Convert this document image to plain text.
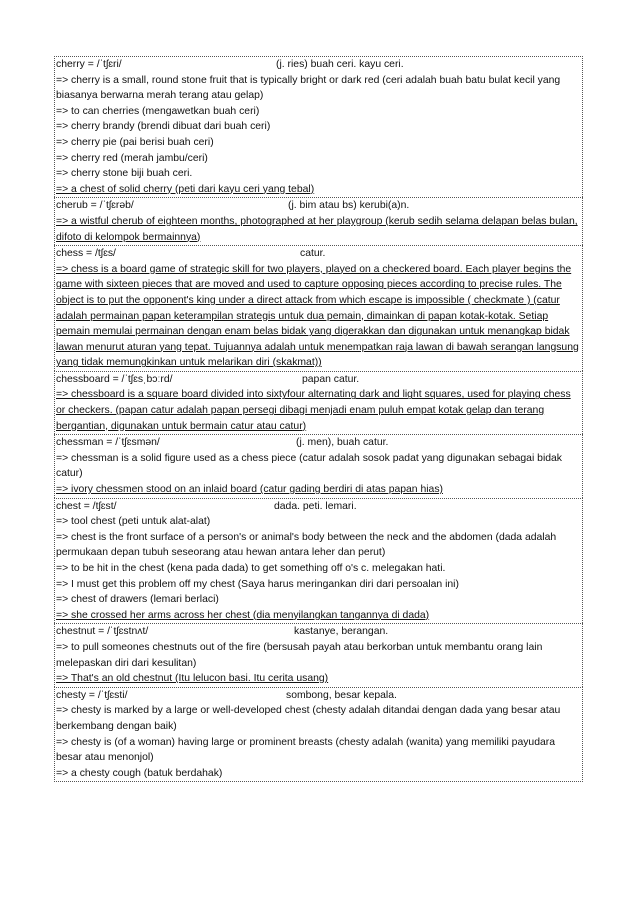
cherry = /ˈtʃɛri/	(j. ries) buah ceri. kayu ceri.
=> cherry is a small, round stone fruit that is typically bright or dark red (ceri adalah buah batu bulat kecil yang biasanya berwarna merah terang atau gelap)
=> to can cherries (mengawetkan buah ceri)
=> cherry brandy (brendi dibuat dari buah ceri)
=> cherry pie (pai berisi buah ceri)
=> cherry red (merah jambu/ceri)
=> cherry stone biji buah ceri.
=> a chest of solid cherry (peti dari kayu ceri yang tebal)
cherub = /ˈtʃɛrəb/	(j. bim atau bs) kerubi(a)n.
=> a wistful cherub of eighteen months, photographed at her playgroup (kerub sedih selama delapan belas bulan, difoto di kelompok bermainnya)
chess = /tʃɛs/	catur.
=> chess is a board game of strategic skill for two players, played on a checkered board. Each player begins the game with sixteen pieces that are moved and used to capture opposing pieces according to precise rules. The object is to put the opponent's king under a direct attack from which escape is impossible ( checkmate ) (catur adalah permainan papan keterampilan strategis untuk dua pemain, dimainkan di papan kotak-kotak. Setiap pemain memulai permainan dengan enam belas bidak yang digerakkan dan digunakan untuk menangkap bidak lawan menurut aturan yang tepat. Tujuannya adalah untuk menempatkan raja lawan di bawah serangan langsung yang tidak memungkinkan untuk melarikan diri (skakmat))
chessboard = /ˈtʃɛsˌbɔːrd/	papan catur.
=> chessboard is a square board divided into sixtyfour alternating dark and light squares, used for playing chess or checkers. (papan catur adalah papan persegi dibagi menjadi enam puluh empat kotak gelap dan terang bergantian, digunakan untuk bermain catur atau catur)
chessman = /ˈtʃɛsmən/	(j. men), buah catur.
=> chessman is a solid figure used as a chess piece (catur adalah sosok padat yang digunakan sebagai bidak catur)
=> ivory chessmen stood on an inlaid board (catur gading berdiri di atas papan hias)
chest = /tʃɛst/	dada. peti. lemari.
=> tool chest (peti untuk alat-alat)
=> chest is the front surface of a person's or animal's body between the neck and the abdomen (dada adalah permukaan depan tubuh seseorang atau hewan antara leher dan perut)
=> to be hit in the chest (kena pada dada) to get something off o's c. melegakan hati.
=> I must get this problem off my chest (Saya harus meringankan diri dari persoalan ini)
=> chest of drawers (lemari berlaci)
=> she crossed her arms across her chest (dia menyilangkan tangannya di dada)
chestnut = /ˈtʃɛstnʌt/	kastanye, berangan.
=> to pull someones chestnuts out of the fire (bersusah payah atau berkorban untuk membantu orang lain melepaskan diri dari kesulitan)
=> That's an old chestnut (Itu lelucon basi. Itu cerita usang)
chesty = /ˈtʃɛsti/	sombong, besar kepala.
=> chesty is marked by a large or well-developed chest (chesty adalah ditandai dengan dada yang besar atau berkembang dengan baik)
=> chesty is (of a woman) having large or prominent breasts (chesty adalah (wanita) yang memiliki payudara besar atau menonjol)
=> a chesty cough (batuk berdahak)
